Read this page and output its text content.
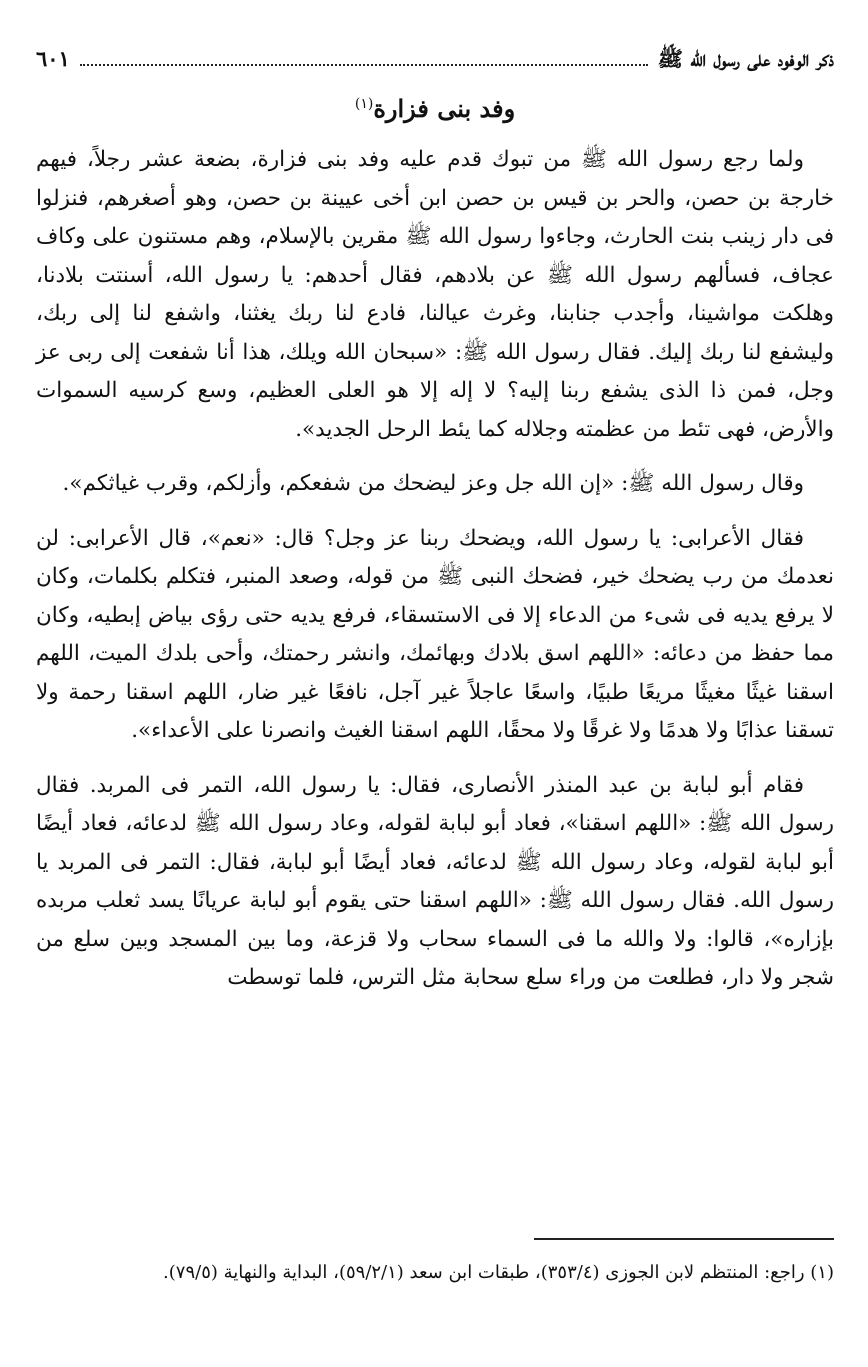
ذكر الوفود على رسول الله ﷺ
٦٠١
وفد بنى فزارة$^{(١)}$

ولما رجع رسول الله ﷺ من تبوك قدم عليه وفد بنى فزارة، بضعة عشر رجلاً، فيهم خارجة بن حصن، والحر بن قيس بن حصن ابن أخى عيينة بن حصن، وهو أصغرهم، فنزلوا فى دار زينب بنت الحارث، وجاءوا رسول الله ﷺ مقرين بالإسلام، وهم مستنون على وكاف عجاف، فسألهم رسول الله ﷺ عن بلادهم، فقال أحدهم: يا رسول الله، أسنتت بلادنا، وهلكت مواشينا، وأجدب جنابنا، وغرث عيالنا، فادع لنا ربك يغثنا، واشفع لنا إلى ربك، وليشفع لنا ربك إليك. فقال رسول الله ﷺ: «سبحان الله ويلك، هذا أنا شفعت إلى ربى عز وجل، فمن ذا الذى يشفع ربنا إليه؟ لا إله إلا هو العلى العظيم، وسع كرسيه السموات والأرض، فهى تئط من عظمته وجلاله كما يئط الرحل الجديد».

وقال رسول الله ﷺ: «إن الله جل وعز ليضحك من شفعكم، وأزلكم، وقرب غياثكم».

فقال الأعرابى: يا رسول الله، ويضحك ربنا عز وجل؟ قال: «نعم»، قال الأعرابى: لن نعدمك من رب يضحك خير، فضحك النبى ﷺ من قوله، وصعد المنبر، فتكلم بكلمات، وكان لا يرفع يديه فى شىء من الدعاء إلا فى الاستسقاء، فرفع يديه حتى رؤى بياض إبطيه، وكان مما حفظ من دعائه: «اللهم اسق بلادك وبهائمك، وانشر رحمتك، وأحى بلدك الميت، اللهم اسقنا غيثًا مغيثًا مريعًا طبيًا، واسعًا عاجلاً غير آجل، نافعًا غير ضار، اللهم اسقنا رحمة ولا تسقنا عذابًا ولا هدمًا ولا غرقًا ولا محقًا، اللهم اسقنا الغيث وانصرنا على الأعداء».

فقام أبو لبابة بن عبد المنذر الأنصارى، فقال: يا رسول الله، التمر فى المربد. فقال رسول الله ﷺ: «اللهم اسقنا»، فعاد أبو لبابة لقوله، وعاد رسول الله ﷺ لدعائه، فعاد أيضًا أبو لبابة لقوله، وعاد رسول الله ﷺ لدعائه، فعاد أيضًا أبو لبابة، فقال: التمر فى المربد يا رسول الله. فقال رسول الله ﷺ: «اللهم اسقنا حتى يقوم أبو لبابة عريانًا يسد ثعلب مربده بإزاره»، قالوا: ولا والله ما فى السماء سحاب ولا قزعة، وما بين المسجد وبين سلع من شجر ولا دار، فطلعت من وراء سلع سحابة مثل الترس، فلما توسطت

(١) راجع: المنتظم لابن الجوزى (٣٥٣/٤)، طبقات ابن سعد (٥٩/٢/١)، البداية والنهاية (٧٩/٥).
